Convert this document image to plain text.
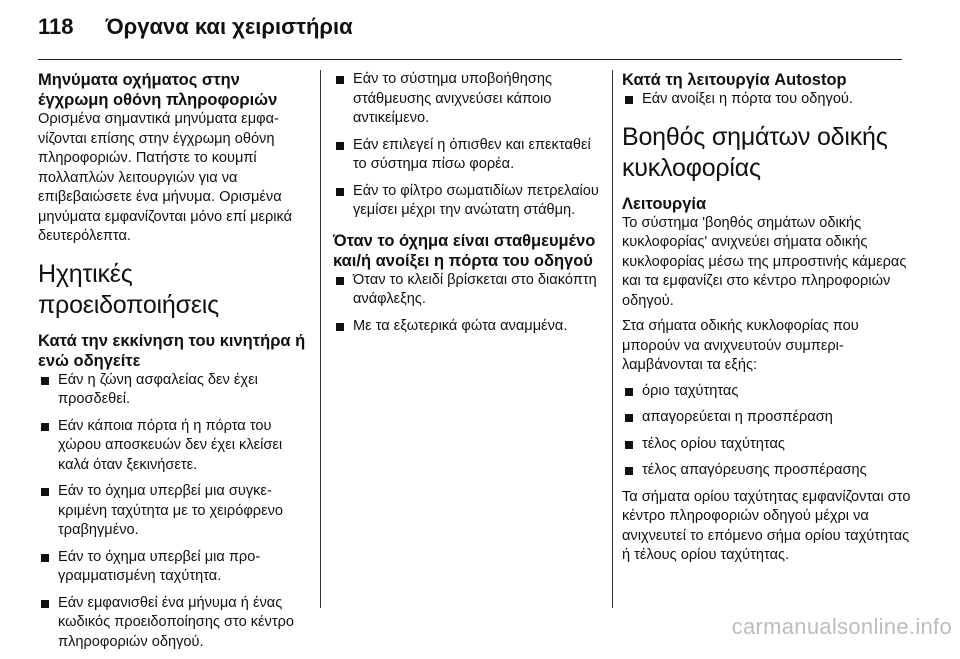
118 Όργανα και χειριστήρια
Μηνύματα οχήματος στην έγχρωμη οθόνη πληροφοριών

Ορισμένα σημαντικά μηνύματα εμφανίζονται επίσης στην έγχρωμη οθόνη πληροφοριών. Πατήστε το κουμπί πολλαπλών λειτουργιών για να επιβεβαιώσετε ένα μήνυμα. Ορισμένα μηνύματα εμφανίζονται μόνο επί μερικά δευτερόλεπτα.

Ηχητικές προειδοποιήσεις
Κατά την εκκίνηση του κινητήρα ή ενώ οδηγείτε
Εάν η ζώνη ασφαλείας δεν έχει προσδεθεί.
Εάν κάποια πόρτα ή η πόρτα του χώρου αποσκευών δεν έχει κλείσει καλά όταν ξεκινήσετε.
Εάν το όχημα υπερβεί μια συγκεκριμένη ταχύτητα με το χειρόφρενο τραβηγμένο.
Εάν το όχημα υπερβεί μια προγραμματισμένη ταχύτητα.
Εάν εμφανισθεί ένα μήνυμα ή ένας κωδικός προειδοποίησης στο κέντρο πληροφοριών οδηγού.
Εάν το σύστημα υποβοήθησης στάθμευσης ανιχνεύσει κάποιο αντικείμενο.
Εάν επιλεγεί η όπισθεν και επεκταθεί το σύστημα πίσω φορέα.
Εάν το φίλτρο σωματιδίων πετρελαίου γεμίσει μέχρι την ανώτατη στάθμη.
Όταν το όχημα είναι σταθμευμένο και/ή ανοίξει η πόρτα του οδηγού
Όταν το κλειδί βρίσκεται στο διακόπτη ανάφλεξης.
Με τα εξωτερικά φώτα αναμμένα.
Κατά τη λειτουργία Autostop
Εάν ανοίξει η πόρτα του οδηγού.
Βοηθός σημάτων οδικής κυκλοφορίας
Λειτουργία

Το σύστημα 'βοηθός σημάτων οδικής κυκλοφορίας' ανιχνεύει σήματα οδικής κυκλοφορίας μέσω της μπροστινής κάμερας και τα εμφανίζει στο κέντρο πληροφοριών οδηγού.

Στα σήματα οδικής κυκλοφορίας που μπορούν να ανιχνευτούν συμπεριλαμβάνονται τα εξής:

όριο ταχύτητας
απαγορεύεται η προσπέραση
τέλος ορίου ταχύτητας
τέλος απαγόρευσης προσπέρασης

Τα σήματα ορίου ταχύτητας εμφανίζονται στο κέντρο πληροφοριών οδηγού μέχρι να ανιχνευτεί το επόμενο σήμα ορίου ταχύτητας ή τέλους ορίου ταχύτητας.

carmanualsonline.info
